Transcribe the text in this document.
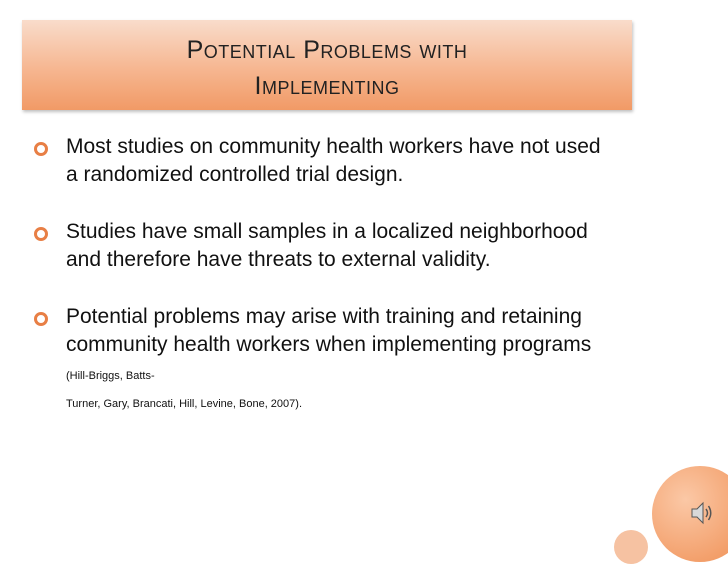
Potential Problems with
Implementing
Most studies on community health workers have not used a randomized controlled trial design.
Studies have small samples in a localized neighborhood and therefore have threats to external validity.
Potential problems may arise with training and retaining community health workers when implementing programs (Hill-Briggs, Batts-
Turner, Gary, Brancati, Hill, Levine, Bone, 2007).
